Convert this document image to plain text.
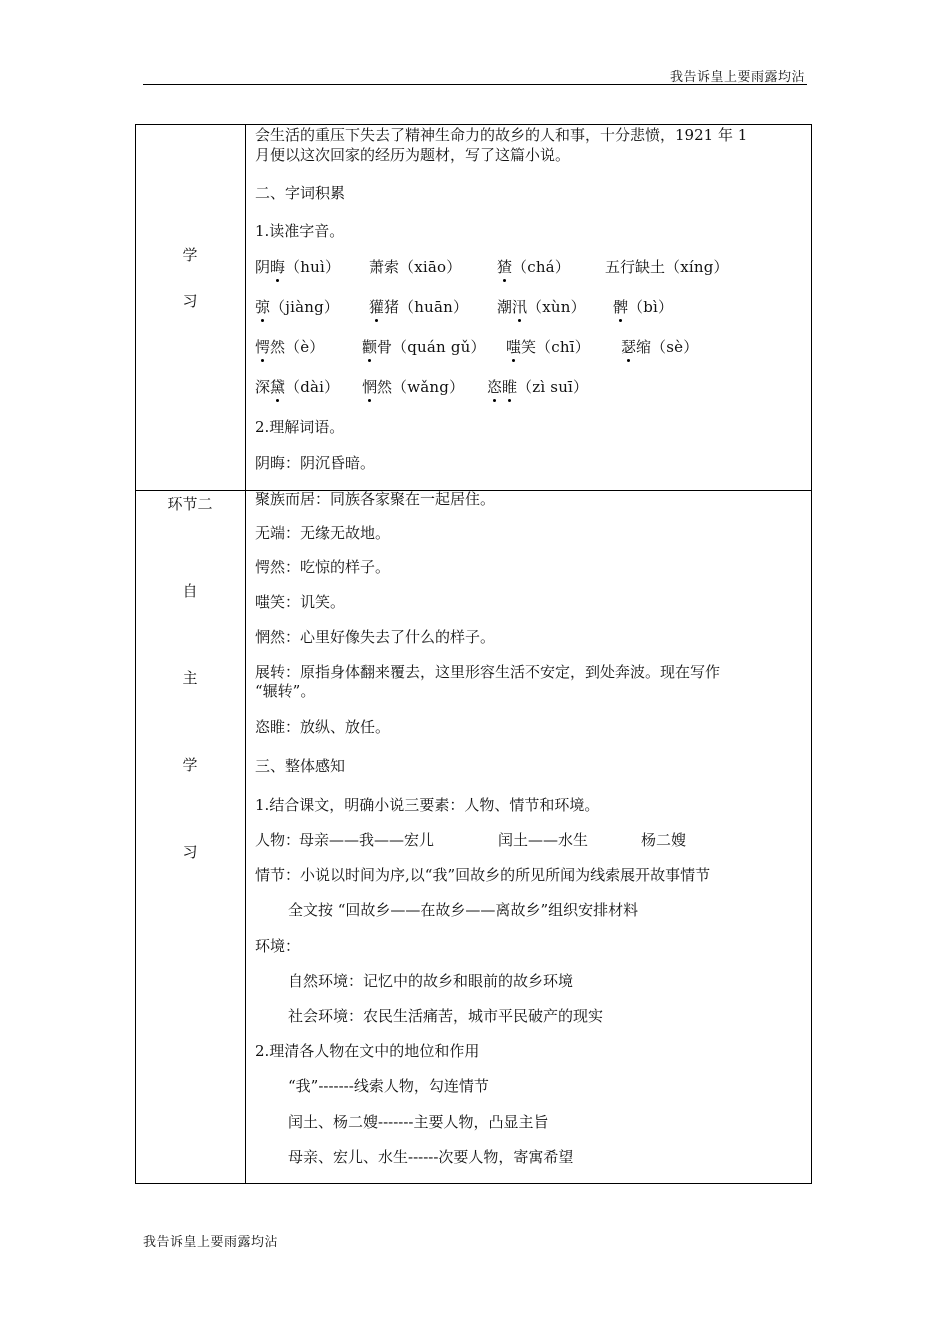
我告诉皇上要雨露均沾
学
习
会生活的重压下失去了精神生命力的故乡的人和事，十分悲愤，1921 年 1
月便以这次回家的经历为题材，写了这篇小说。
二、字词积累
1.读准字音。
阴晦（huì） 萧索（xiāo） 猹（chá） 五行缺土（xíng）
弶（jiàng） 獾猪（huān） 潮汛（xùn） 髀（bì）
愕然（è） 颧骨（quán gǔ） 嗤笑（chī） 瑟缩（sè）
深黛（dài） 惘然（wǎng） 恣睢（zì suī）
2.理解词语。
阴晦：阴沉昏暗。
环节二
自
主
学
习
聚族而居：同族各家聚在一起居住。
无端：无缘无故地。
愕然：吃惊的样子。
嗤笑：讥笑。
惘然：心里好像失去了什么的样子。
展转：原指身体翻来覆去，这里形容生活不安定，到处奔波。现在写作
“辗转”。
恣睢：放纵、放任。
三、整体感知
1.结合课文，明确小说三要素：人物、情节和环境。
人物：
母亲——我——宏儿	闰土——水生	杨二嫂
情节：小说以时间为序,以“我”回故乡的所见所闻为线索展开故事情节
全文按 “回故乡——在故乡——离故乡”组织安排材料
环境：
自然环境：记忆中的故乡和眼前的故乡环境
社会环境：农民生活痛苦，城市平民破产的现实
2.理清各人物在文中的地位和作用
“我”-------线索人物，勾连情节
闰土、杨二嫂-------主要人物，凸显主旨
母亲、宏儿、水生------次要人物，寄寓希望
我告诉皇上要雨露均沾
